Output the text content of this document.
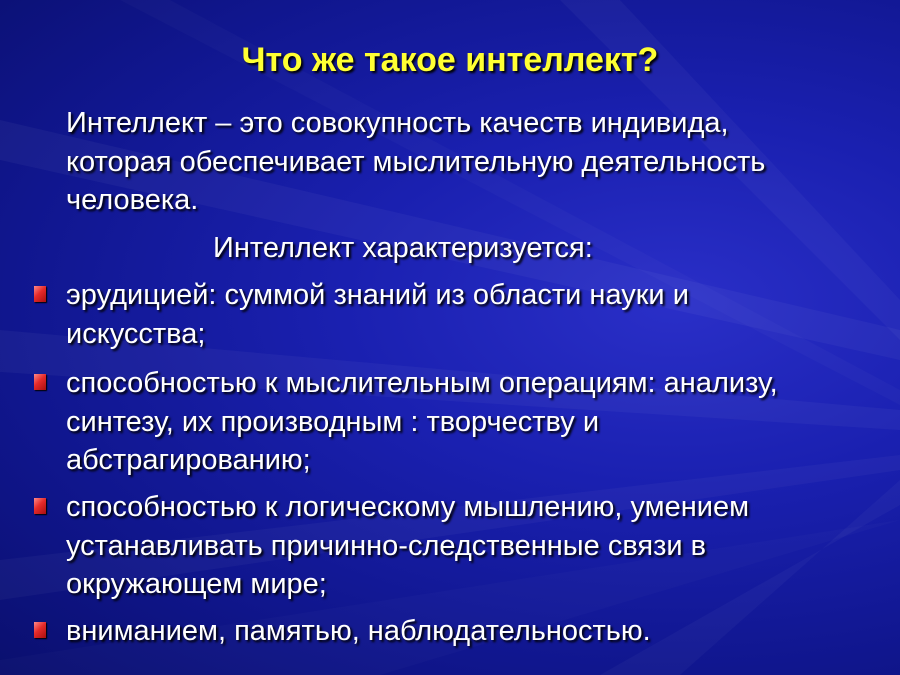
Что же такое интеллект?
Интеллект – это совокупность качеств индивида,
которая обеспечивает мыслительную деятельность
человека.
Интеллект характеризуется:
эрудицией: суммой знаний из области науки и
искусства;
способностью к мыслительным операциям: анализу,
синтезу, их производным : творчеству и
абстрагированию;
способностью к логическому мышлению, умением
устанавливать причинно-следственные связи в
окружающем мире;
вниманием, памятью, наблюдательностью.
